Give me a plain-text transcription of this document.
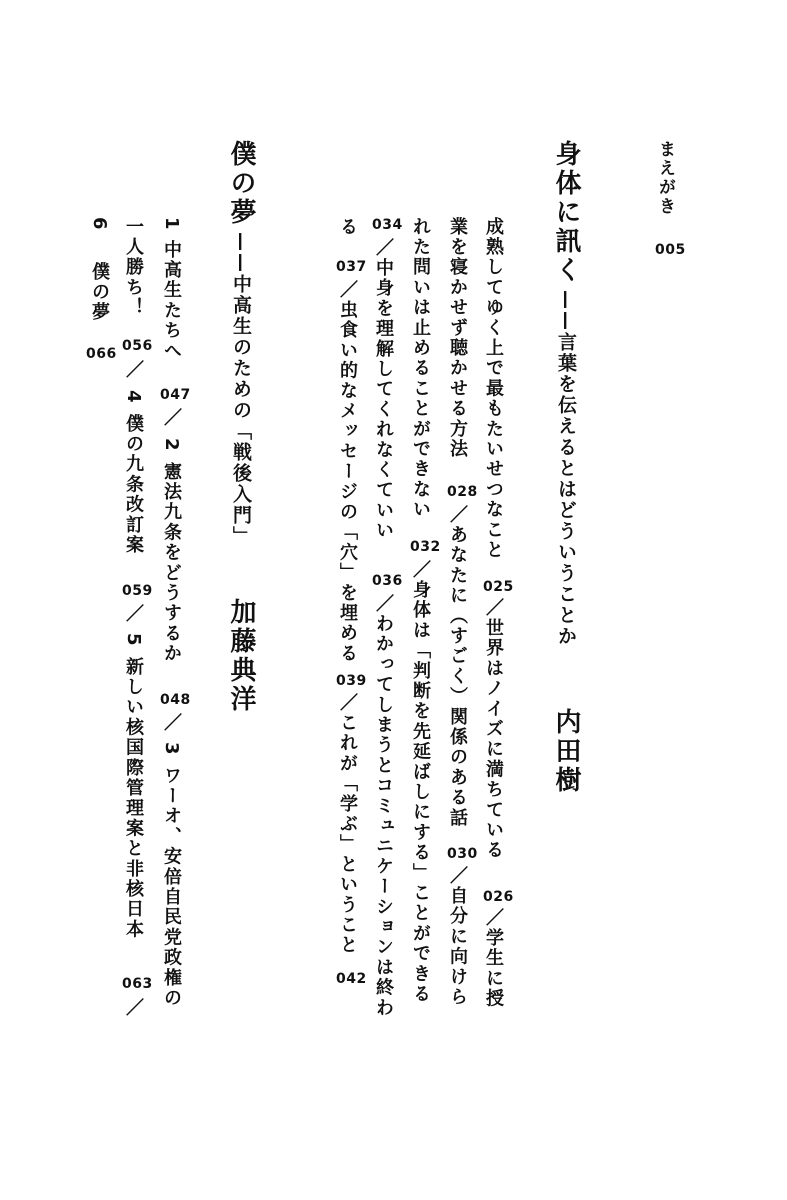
まえがき
005
身体に訊く
——言葉を伝えるとはどういうことか
内田樹
成熟してゆく上で最もたいせつなこと
025
／世界はノイズに満ちている
026
／学生に授
業を寝かせず聴かせる方法
028
／あなたに（すごく）関係のある話
030
／自分に向けら
れた問いは止めることができない
032
／身体は「判断を先延ばしにする」ことができる
034
／中身を理解してくれなくていい
036
／わかってしまうとコミュニケーションは終わ
る
037
／虫食い的なメッセージの「穴」を埋める
039
／これが「学ぶ」ということ
042
僕の夢
——中高生のための「戦後入門」
加藤典洋
1
中高生たちへ
047
／
2
憲法九条をどうするか
048
／
3
ワーオ、安倍自民党政権の
一人勝ち！
056
／
4
僕の九条改訂案
059
／
5
新しい核国際管理案と非核日本
063
／
6
僕の夢
066
